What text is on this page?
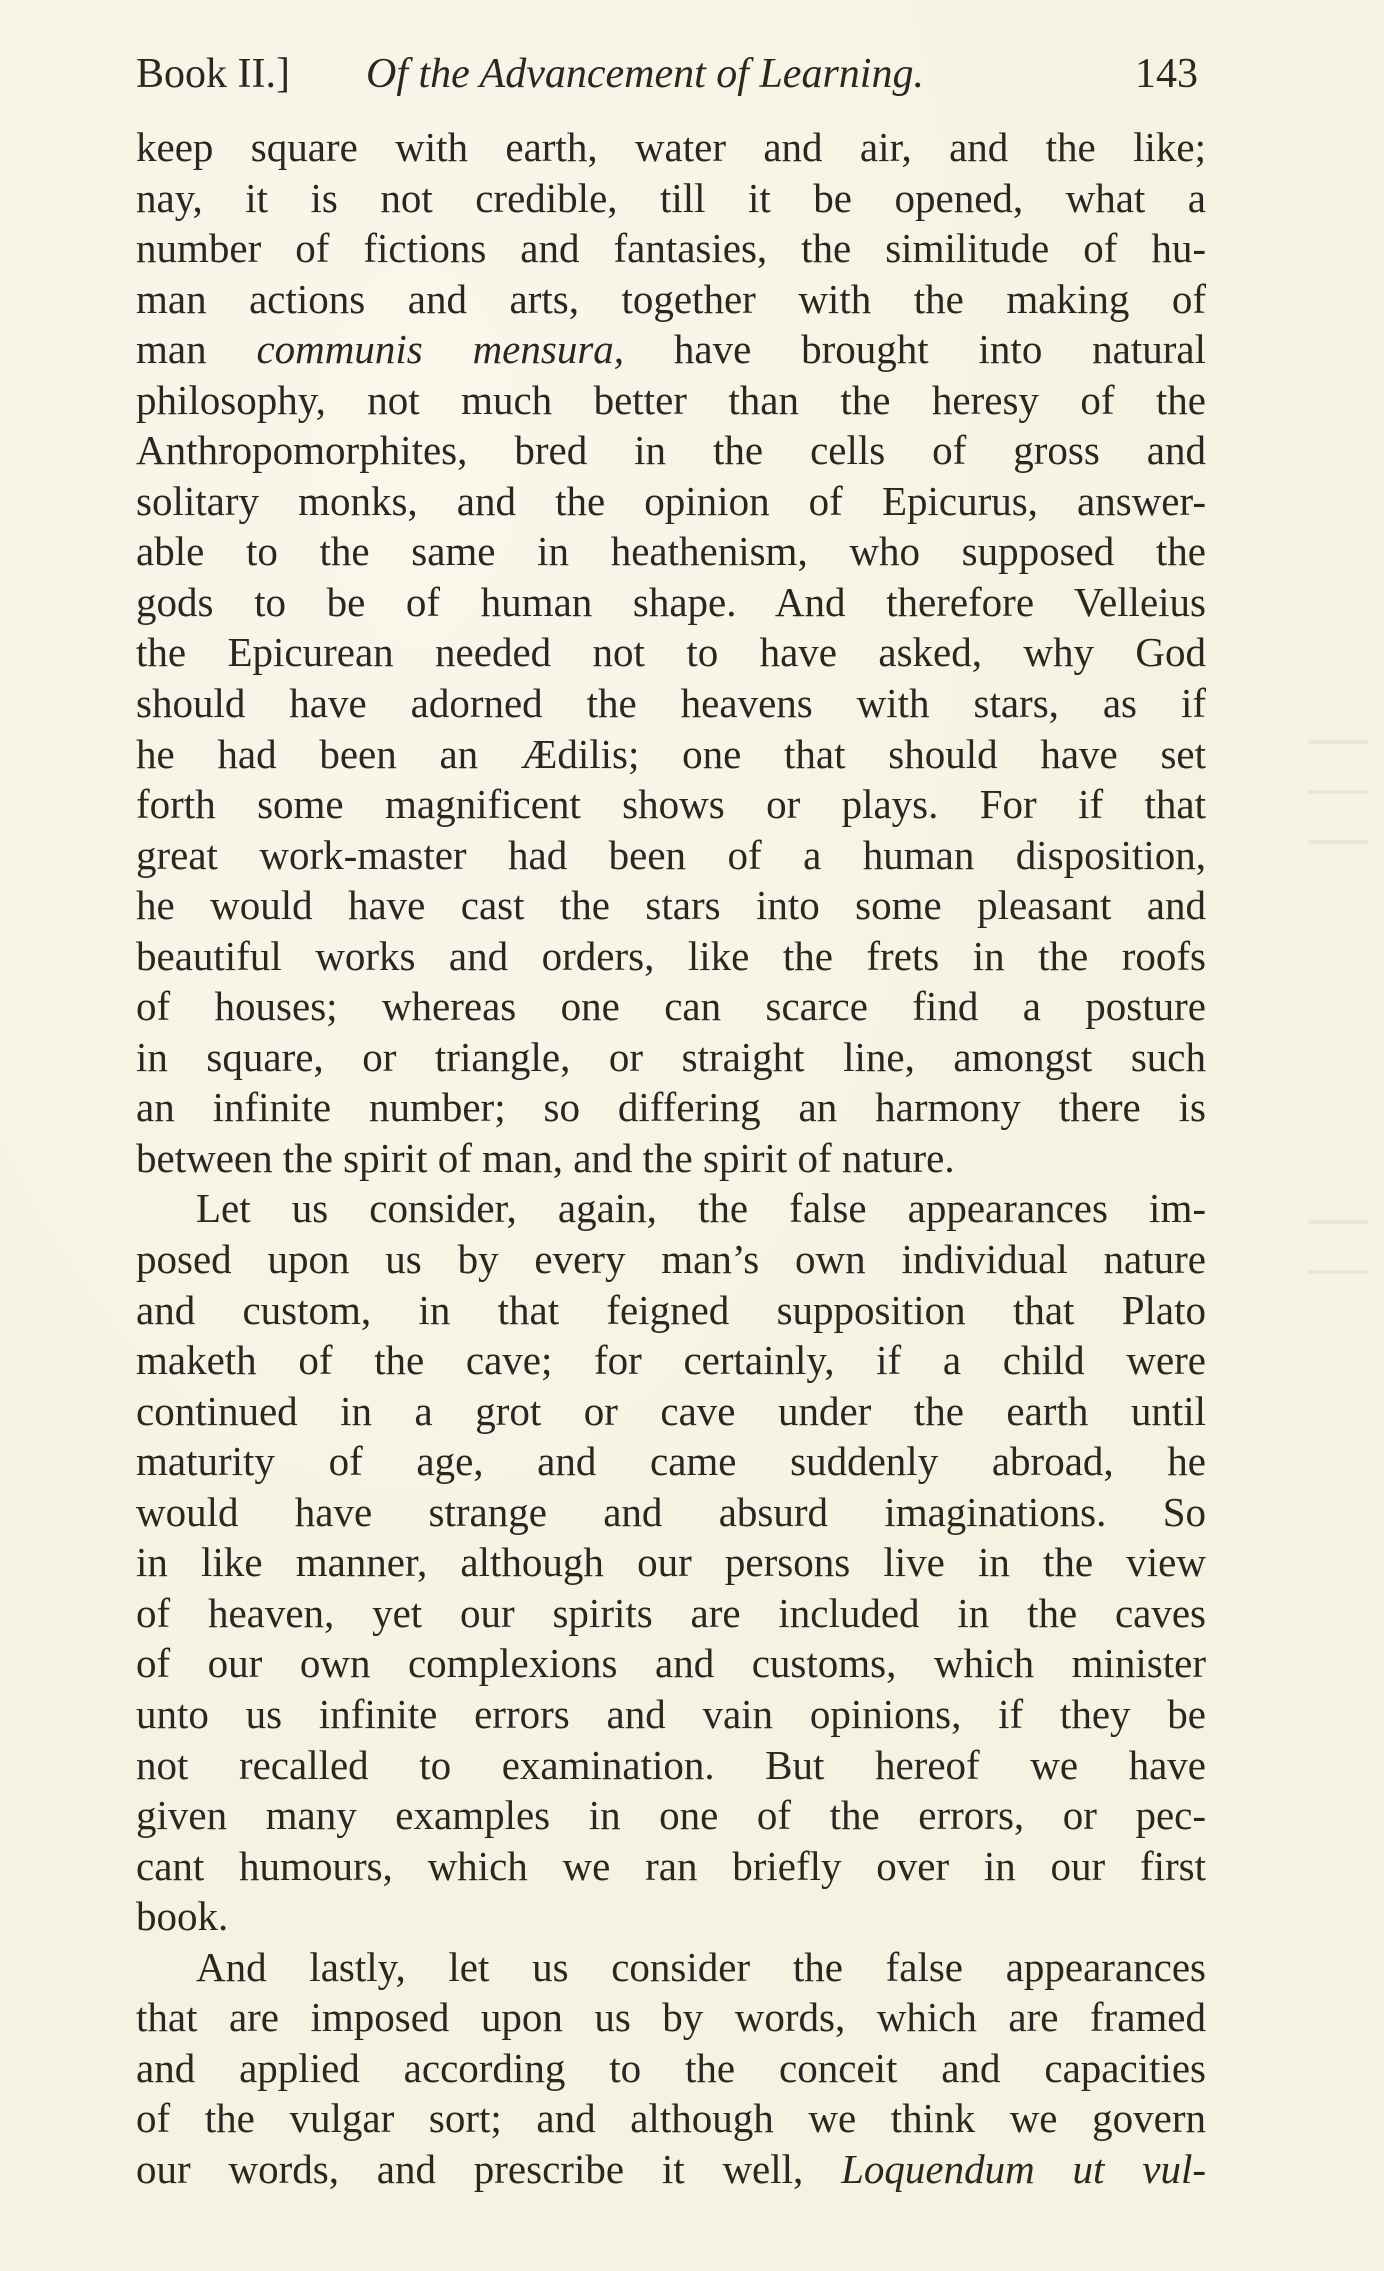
Book II.] Of the Advancement of Learning.	143
keep square with earth, water and air, and the like;
nay, it is not credible, till it be opened, what a
number of fictions and fantasies, the similitude of hu-
man actions and arts, together with the making of
man communis mensura, have brought into natural
philosophy, not much better than the heresy of the
Anthropomorphites, bred in the cells of gross and
solitary monks, and the opinion of Epicurus, answer-
able to the same in heathenism, who supposed the
gods to be of human shape. And therefore Velleius
the Epicurean needed not to have asked, why God
should have adorned the heavens with stars, as if
he had been an Ædilis; one that should have set
forth some magnificent shows or plays. For if that
great work-master had been of a human disposition,
he would have cast the stars into some pleasant and
beautiful works and orders, like the frets in the roofs
of houses; whereas one can scarce find a posture
in square, or triangle, or straight line, amongst such
an infinite number; so differing an harmony there is
between the spirit of man, and the spirit of nature.
Let us consider, again, the false appearances im-
posed upon us by every man’s own individual nature
and custom, in that feigned supposition that Plato
maketh of the cave; for certainly, if a child were
continued in a grot or cave under the earth until
maturity of age, and came suddenly abroad, he
would have strange and absurd imaginations. So
in like manner, although our persons live in the view
of heaven, yet our spirits are included in the caves
of our own complexions and customs, which minister
unto us infinite errors and vain opinions, if they be
not recalled to examination. But hereof we have
given many examples in one of the errors, or pec-
cant humours, which we ran briefly over in our first
book.
And lastly, let us consider the false appearances
that are imposed upon us by words, which are framed
and applied according to the conceit and capacities
of the vulgar sort; and although we think we govern
our words, and prescribe it well, Loquendum ut vul-
